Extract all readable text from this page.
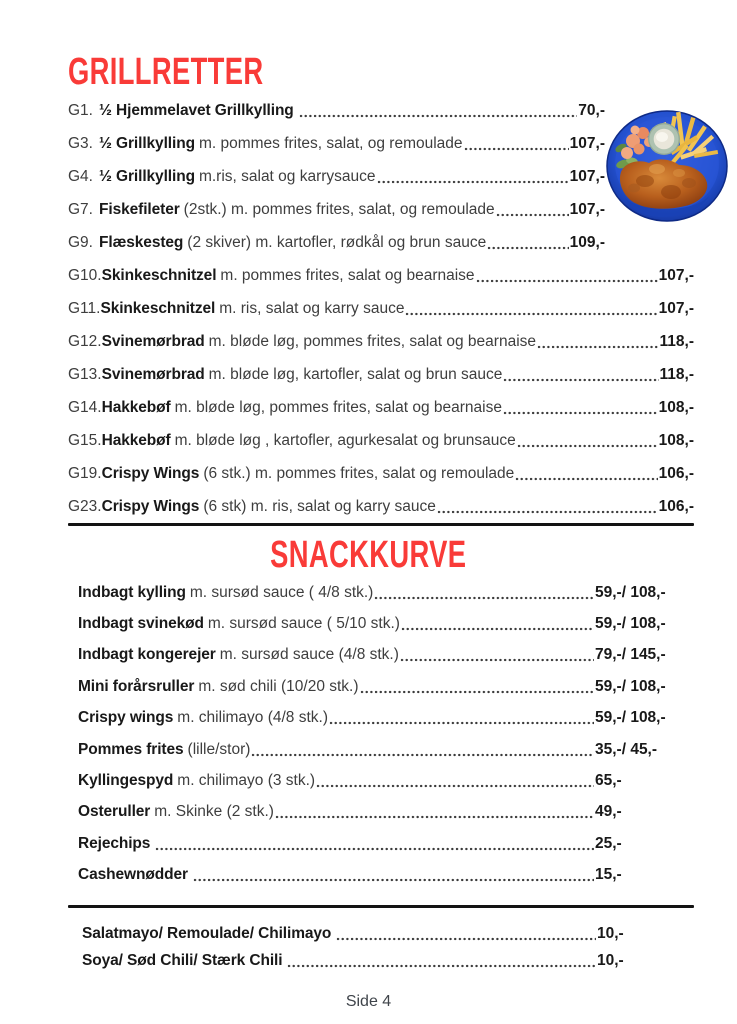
GRILLRETTER
G1. ½ Hjemmelavet Grillkylling	70,-
G3. ½ Grillkylling m. pommes frites, salat, og remoulade	107,-
G4. ½ Grillkylling m.ris, salat og karrysauce	107,-
G7. Fiskefileter (2stk.) m. pommes frites, salat, og remoulade	107,-
G9. Flæskesteg (2 skiver) m. kartofler, rødkål og brun sauce	109,-
G10. Skinkeschnitzel m. pommes frites, salat og bearnaise	107,-
G11. Skinkeschnitzel m. ris, salat og karry sauce	107,-
G12. Svinemørbrad m. bløde løg, pommes frites, salat og bearnaise	118,-
G13. Svinemørbrad m. bløde løg, kartofler, salat og brun sauce	118,-
G14. Hakkebøf m. bløde løg, pommes frites, salat og bearnaise	108,-
G15. Hakkebøf m. bløde løg , kartofler, agurkesalat og brunsauce	108,-
G19. Crispy Wings (6 stk.) m. pommes frites, salat og remoulade	106,-
G23. Crispy Wings (6 stk) m. ris, salat og karry sauce	106,-
SNACKKURVE
Indbagt kylling m. sursød sauce ( 4/8 stk.)	59,-/ 108,-
Indbagt svinekød m. sursød sauce ( 5/10 stk.)	59,-/ 108,-
Indbagt kongerejer m. sursød sauce (4/8 stk.)	79,-/ 145,-
Mini forårsruller m. sød chili (10/20 stk.)	59,-/ 108,-
Crispy wings m. chilimayo (4/8 stk.)	59,-/ 108,-
Pommes frites (lille/stor)	35,-/ 45,-
Kyllingespyd m. chilimayo (3 stk.)	65,-
Osteruller m. Skinke (2 stk.)	49,-
Rejechips	25,-
Cashewnødder	15,-
Salatmayo/ Remoulade/ Chilimayo	10,-
Soya/ Sød Chili/ Stærk Chili	10,-
Side 4
